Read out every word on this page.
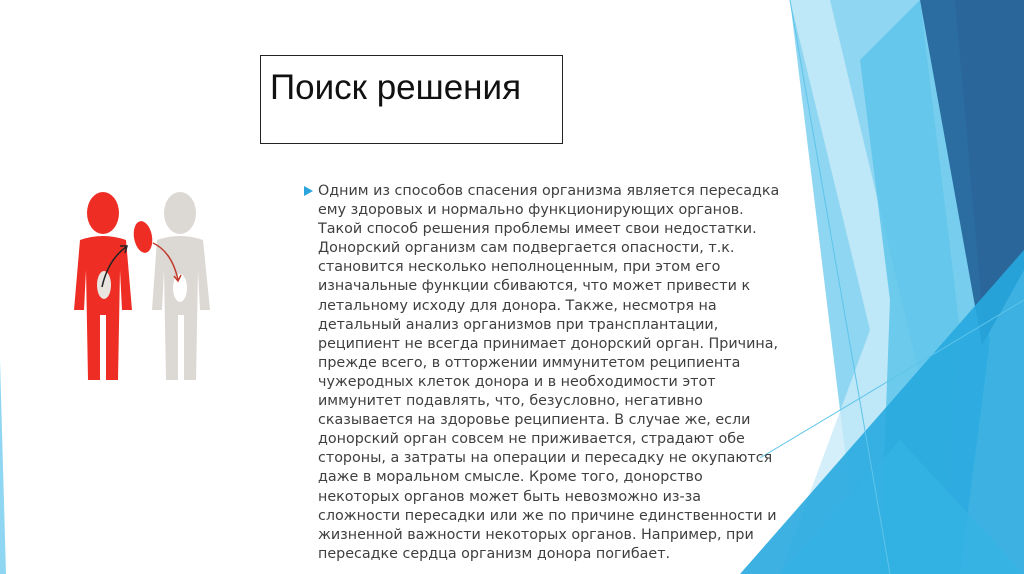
Поиск решения
Одним из способов спасения организма является пересадка
ему здоровых и нормально функционирующих органов.
Такой способ решения проблемы имеет свои недостатки.
Донорский организм сам подвергается опасности, т.к.
становится несколько неполноценным, при этом его
изначальные функции сбиваются, что может привести к
летальному исходу для донора. Также, несмотря на
детальный анализ организмов при трансплантации,
реципиент не всегда принимает донорский орган. Причина,
прежде всего, в отторжении иммунитетом реципиента
чужеродных клеток донора и в необходимости этот
иммунитет подавлять, что, безусловно, негативно
сказывается на здоровье реципиента. В случае же, если
донорский орган совсем не приживается, страдают обе
стороны, а затраты на операции и пересадку не окупаются
даже в моральном смысле. Кроме того, донорство
некоторых органов может быть невозможно из-за
сложности пересадки или же по причине единственности и
жизненной важности некоторых органов. Например, при
пересадке сердца организм донора погибает.
